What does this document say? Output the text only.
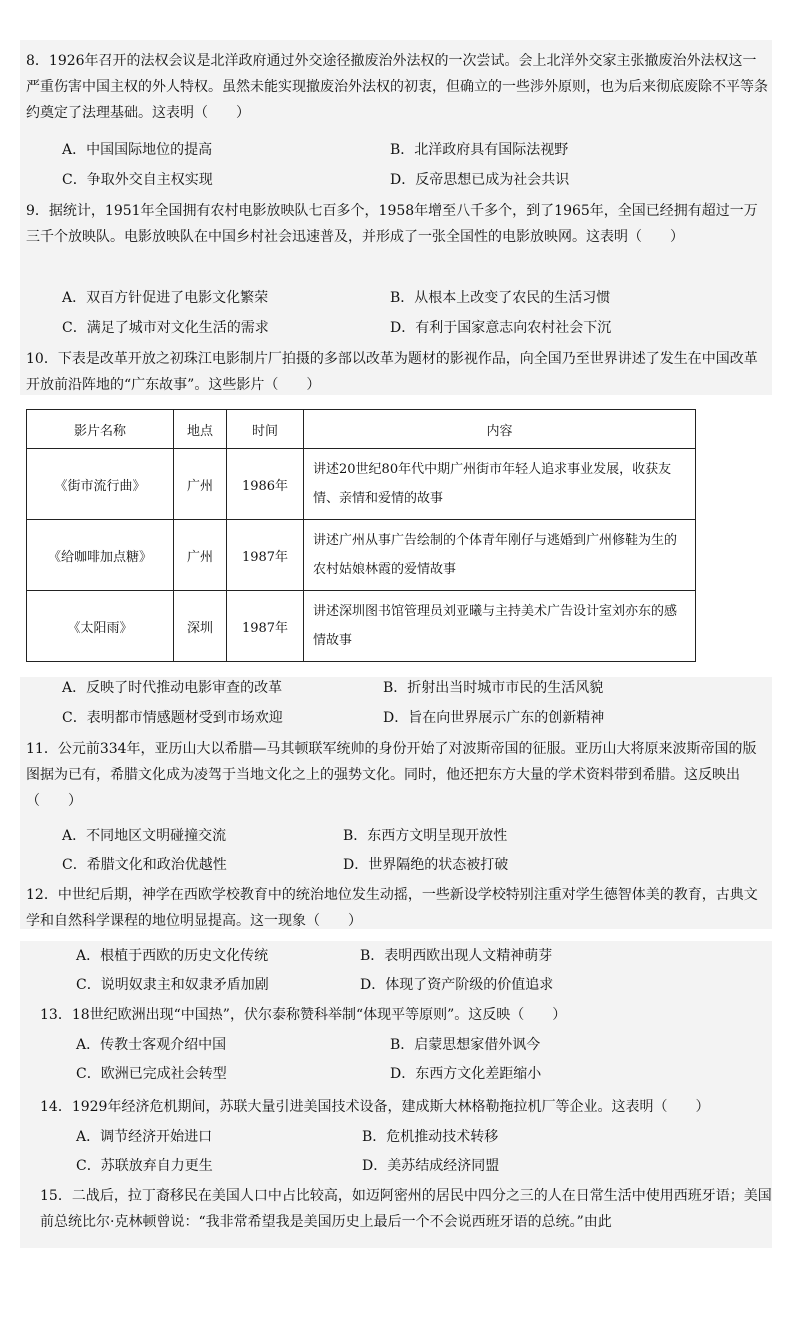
8．1926年召开的法权会议是北洋政府通过外交途径撤废治外法权的一次尝试。会上北洋外交家主张撤废治外法权这一严重伤害中国主权的外人特权。虽然未能实现撤废治外法权的初衷，但确立的一些涉外原则，也为后来彻底废除不平等条约奠定了法理基础。这表明（　　）

A．中国国际地位的提高	B．北洋政府具有国际法视野
C．争取外交自主权实现	D．反帝思想已成为社会共识

9．据统计，1951年全国拥有农村电影放映队七百多个，1958年增至八千多个，到了1965年，全国已经拥有超过一万三千个放映队。电影放映队在中国乡村社会迅速普及，并形成了一张全国性的电影放映网。这表明（　　）

A．双百方针促进了电影文化繁荣	B．从根本上改变了农民的生活习惯
C．满足了城市对文化生活的需求	D．有利于国家意志向农村社会下沉

10．下表是改革开放之初珠江电影制片厂拍摄的多部以改革为题材的影视作品，向全国乃至世界讲述了发生在中国改革开放前沿阵地的“广东故事”。这些影片（　　）

影片名称	地点	时间	内容
《街市流行曲》	广州	1986年	讲述20世纪80年代中期广州街市年轻人追求事业发展，收获友情、亲情和爱情的故事
《给咖啡加点糖》	广州	1987年	讲述广州从事广告绘制的个体青年刚仔与逃婚到广州修鞋为生的农村姑娘林霞的爱情故事
《太阳雨》	深圳	1987年	讲述深圳图书馆管理员刘亚曦与主持美术广告设计室刘亦东的感情故事
A．反映了时代推动电影审查的改革	B．折射出当时城市市民的生活风貌
C．表明都市情感题材受到市场欢迎	D．旨在向世界展示广东的创新精神

11．公元前334年，亚历山大以希腊—马其顿联军统帅的身份开始了对波斯帝国的征服。亚历山大将原来波斯帝国的版图据为已有，希腊文化成为凌驾于当地文化之上的强势文化。同时，他还把东方大量的学术资料带到希腊。这反映出（　　）

A．不同地区文明碰撞交流	B．东西方文明呈现开放性
C．希腊文化和政治优越性	D．世界隔绝的状态被打破

12．中世纪后期，神学在西欧学校教育中的统治地位发生动摇，一些新设学校特别注重对学生德智体美的教育，古典文学和自然科学课程的地位明显提高。这一现象（　　）

A．根植于西欧的历史文化传统	B．表明西欧出现人文精神萌芽
C．说明奴隶主和奴隶矛盾加剧	D．体现了资产阶级的价值追求

13．18世纪欧洲出现“中国热”，伏尔泰称赞科举制“体现平等原则”。这反映（　　）

A．传教士客观介绍中国	B．启蒙思想家借外讽今
C．欧洲已完成社会转型	D．东西方文化差距缩小

14．1929年经济危机期间，苏联大量引进美国技术设备，建成斯大林格勒拖拉机厂等企业。这表明（　　）

A．调节经济开始进口	B．危机推动技术转移
C．苏联放弃自力更生	D．美苏结成经济同盟

15．二战后，拉丁裔移民在美国人口中占比较高，如迈阿密州的居民中四分之三的人在日常生活中使用西班牙语；美国前总统比尔·克林顿曾说：“我非常希望我是美国历史上最后一个不会说西班牙语的总统。”由此
